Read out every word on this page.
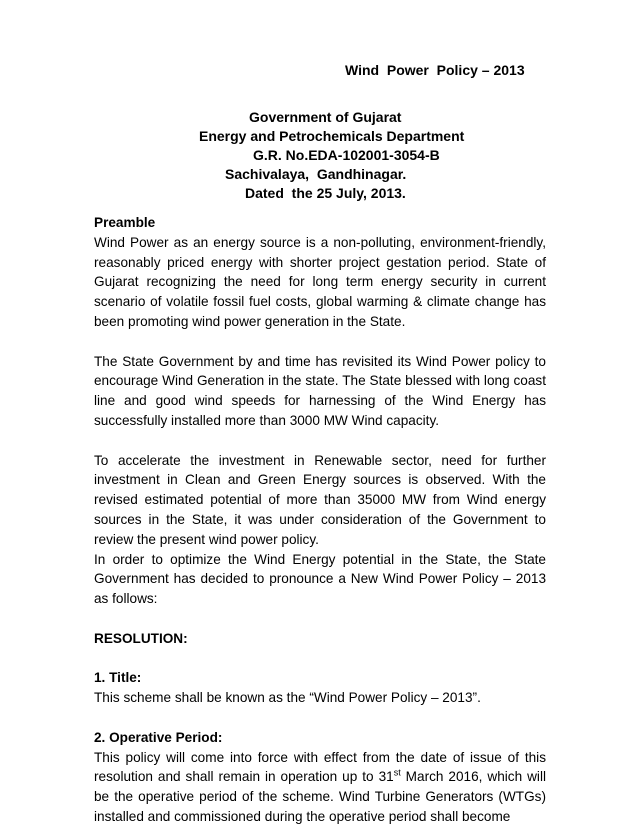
Wind  Power  Policy – 2013
Government of Gujarat
Energy and Petrochemicals Department
G.R. No.EDA-102001-3054-B
Sachivalaya,  Gandhinagar.
Dated  the 25 July, 2013.

Preamble

Wind Power as an energy source is a non-polluting, environment-friendly, reasonably priced energy with shorter project gestation period. State of Gujarat recognizing the need for long term energy security in current scenario of volatile fossil fuel costs, global warming & climate change has been promoting wind power generation in the State.

The State Government by and time has revisited its Wind Power policy to encourage Wind Generation in the state. The State blessed with long coast line and good wind speeds for harnessing of the Wind Energy has successfully installed more than 3000 MW Wind capacity.

To accelerate the investment in Renewable sector, need for further investment in Clean and Green Energy sources is observed. With the revised estimated potential of more than 35000 MW from Wind energy sources in the State, it was under consideration of the Government to review the present wind power policy.

In order to optimize the Wind Energy potential in the State, the State Government has decided to pronounce a New Wind Power Policy – 2013 as follows:

RESOLUTION:

1. Title:

This scheme shall be known as the “Wind Power Policy – 2013”.

2. Operative Period:

This policy will come into force with effect from the date of issue of this resolution and shall remain in operation up to 31st March 2016, which will be the operative period of the scheme. Wind Turbine Generators (WTGs) installed and commissioned during the operative period shall become
